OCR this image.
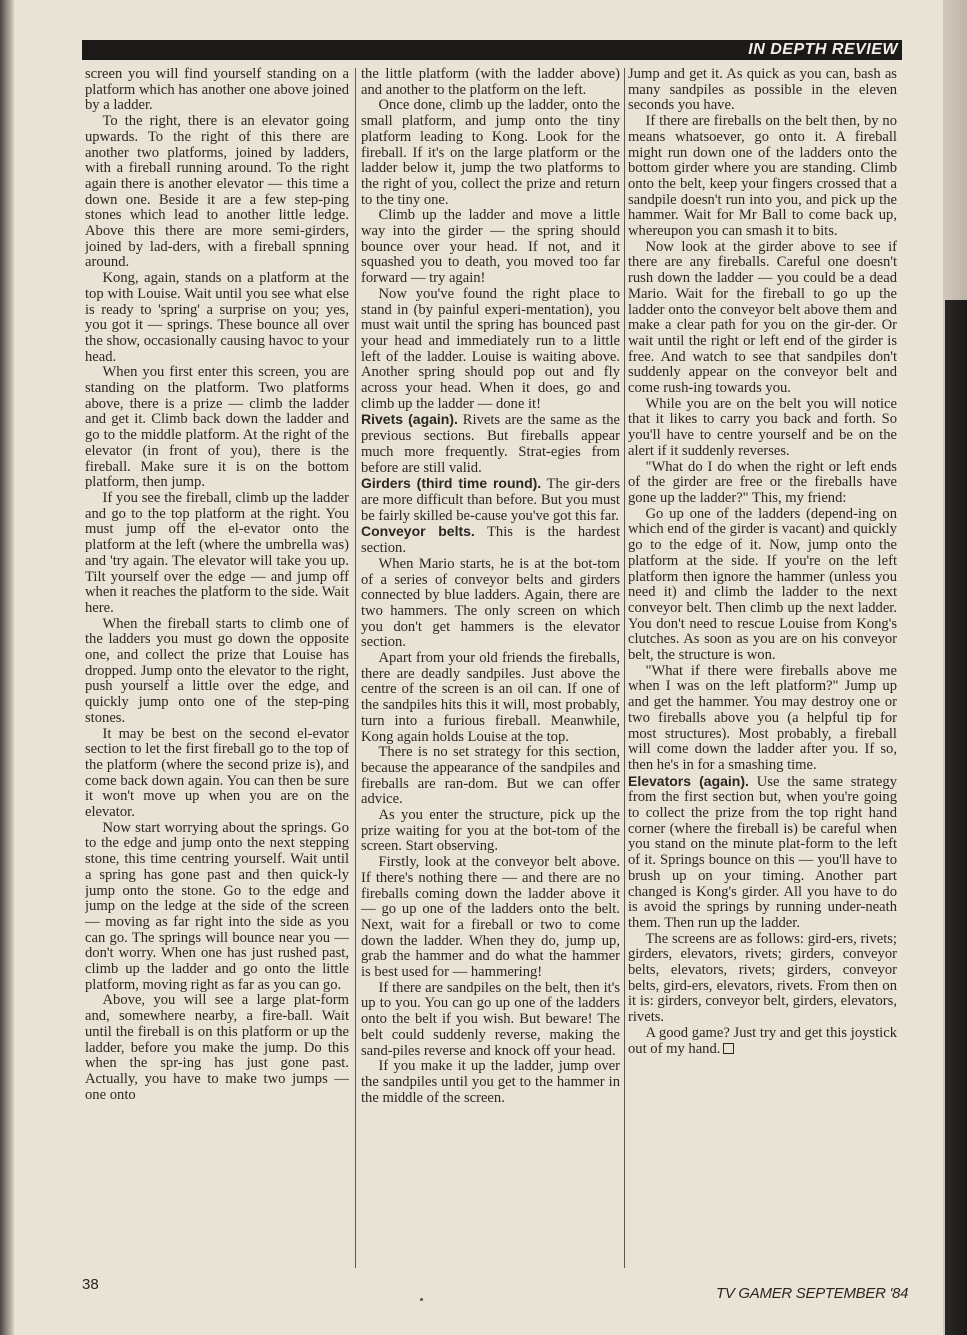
IN DEPTH REVIEW

screen you will find yourself standing on a platform which has another one above joined by a ladder.

To the right, there is an elevator going upwards. To the right of this there are another two platforms, joined by ladders, with a fireball running around. To the right again there is another elevator — this time a down one. Beside it are a few step-ping stones which lead to another little ledge. Above this there are more semi-girders, joined by lad-ders, with a fireball spnning around.

Kong, again, stands on a platform at the top with Louise. Wait until you see what else is ready to 'spring' a surprise on you; yes, you got it — springs. These bounce all over the show, occasionally causing havoc to your head.

When you first enter this screen, you are standing on the platform. Two platforms above, there is a prize — climb the ladder and get it. Climb back down the ladder and go to the middle platform. At the right of the elevator (in front of you), there is the fireball. Make sure it is on the bottom platform, then jump.

If you see the fireball, climb up the ladder and go to the top platform at the right. You must jump off the el-evator onto the platform at the left (where the umbrella was) and 'try again. The elevator will take you up. Tilt yourself over the edge — and jump off when it reaches the platform to the side. Wait here.

When the fireball starts to climb one of the ladders you must go down the opposite one, and collect the prize that Louise has dropped. Jump onto the elevator to the right, push yourself a little over the edge, and quickly jump onto one of the step-ping stones.

It may be best on the second el-evator section to let the first fireball go to the top of the platform (where the second prize is), and come back down again. You can then be sure it won't move up when you are on the elevator.

Now start worrying about the springs. Go to the edge and jump onto the next stepping stone, this time centring yourself. Wait until a spring has gone past and then quick-ly jump onto the stone. Go to the edge and jump on the ledge at the side of the screen — moving as far right into the side as you can go. The springs will bounce near you — don't worry. When one has just rushed past, climb up the ladder and go onto the little platform, moving right as far as you can go.

Above, you will see a large plat-form and, somewhere nearby, a fire-ball. Wait until the fireball is on this platform or up the ladder, before you make the jump. Do this when the spr-ing has just gone past. Actually, you have to make two jumps — one onto

the little platform (with the ladder above) and another to the platform on the left.

Once done, climb up the ladder, onto the small platform, and jump onto the tiny platform leading to Kong. Look for the fireball. If it's on the large platform or the ladder below it, jump the two platforms to the right of you, collect the prize and return to the tiny one.

Climb up the ladder and move a little way into the girder — the spring should bounce over your head. If not, and it squashed you to death, you moved too far forward — try again!

Now you've found the right place to stand in (by painful experi-mentation), you must wait until the spring has bounced past your head and immediately run to a little left of the ladder. Louise is waiting above. Another spring should pop out and fly across your head. When it does, go and climb up the ladder — done it!

Rivets (again). Rivets are the same as the previous sections. But fireballs appear much more frequently. Strat-egies from before are still valid.

Girders (third time round). The gir-ders are more difficult than before. But you must be fairly skilled be-cause you've got this far.

Conveyor belts. This is the hardest section.

When Mario starts, he is at the bot-tom of a series of conveyor belts and girders connected by blue ladders. Again, there are two hammers. The only screen on which you don't get hammers is the elevator section.

Apart from your old friends the fireballs, there are deadly sandpiles. Just above the centre of the screen is an oil can. If one of the sandpiles hits this it will, most probably, turn into a furious fireball. Meanwhile, Kong again holds Louise at the top.

There is no set strategy for this section, because the appearance of the sandpiles and fireballs are ran-dom. But we can offer advice.

As you enter the structure, pick up the prize waiting for you at the bot-tom of the screen. Start observing.

Firstly, look at the conveyor belt above. If there's nothing there — and there are no fireballs coming down the ladder above it — go up one of the ladders onto the belt. Next, wait for a fireball or two to come down the ladder. When they do, jump up, grab the hammer and do what the hammer is best used for — hammering!

If there are sandpiles on the belt, then it's up to you. You can go up one of the ladders onto the belt if you wish. But beware! The belt could suddenly reverse, making the sand-piles reverse and knock off your head.

If you make it up the ladder, jump over the sandpiles until you get to the hammer in the middle of the screen.

Jump and get it. As quick as you can, bash as many sandpiles as possible in the eleven seconds you have.

If there are fireballs on the belt then, by no means whatsoever, go onto it. A fireball might run down one of the ladders onto the bottom girder where you are standing. Climb onto the belt, keep your fingers crossed that a sandpile doesn't run into you, and pick up the hammer. Wait for Mr Ball to come back up, whereupon you can smash it to bits.

Now look at the girder above to see if there are any fireballs. Careful one doesn't rush down the ladder — you could be a dead Mario. Wait for the fireball to go up the ladder onto the conveyor belt above them and make a clear path for you on the gir-der. Or wait until the right or left end of the girder is free. And watch to see that sandpiles don't suddenly appear on the conveyor belt and come rush-ing towards you.

While you are on the belt you will notice that it likes to carry you back and forth. So you'll have to centre yourself and be on the alert if it suddenly reverses.

"What do I do when the right or left ends of the girder are free or the fireballs have gone up the ladder?" This, my friend:

Go up one of the ladders (depend-ing on which end of the girder is vacant) and quickly go to the edge of it. Now, jump onto the platform at the side. If you're on the left platform then ignore the hammer (unless you need it) and climb the ladder to the next conveyor belt. Then climb up the next ladder. You don't need to rescue Louise from Kong's clutches. As soon as you are on his conveyor belt, the structure is won.

"What if there were fireballs above me when I was on the left platform?" Jump up and get the hammer. You may destroy one or two fireballs above you (a helpful tip for most structures). Most probably, a fireball will come down the ladder after you. If so, then he's in for a smashing time.

Elevators (again). Use the same strategy from the first section but, when you're going to collect the prize from the top right hand corner (where the fireball is) be careful when you stand on the minute plat-form to the left of it. Springs bounce on this — you'll have to brush up on your timing. Another part changed is Kong's girder. All you have to do is avoid the springs by running under-neath them. Then run up the ladder.

The screens are as follows: gird-ers, rivets; girders, elevators, rivets; girders, conveyor belts, elevators, rivets; girders, conveyor belts, gird-ers, elevators, rivets. From then on it is: girders, conveyor belt, girders, elevators, rivets.

A good game? Just try and get this joystick out of my hand.

38
TV GAMER SEPTEMBER '84
